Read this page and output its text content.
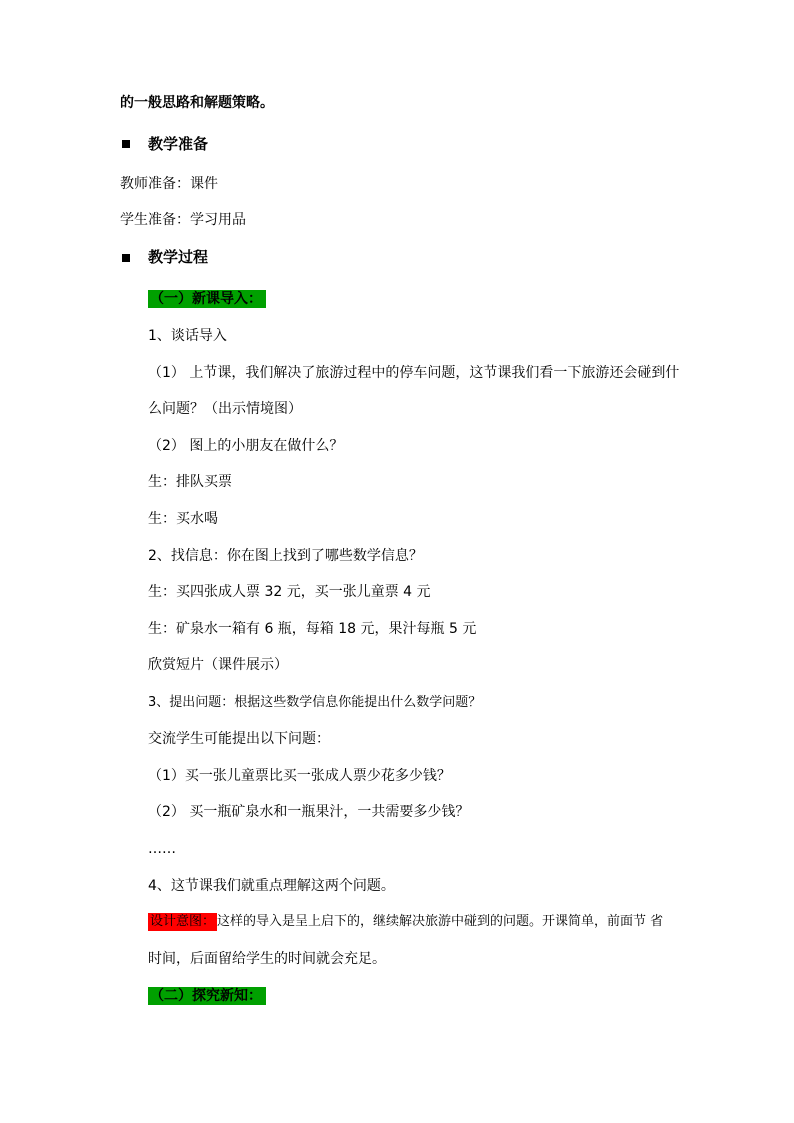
的一般思路和解题策略。
教学准备
教师准备：课件
学生准备：学习用品
教学过程
（一）新课导入：
1、谈话导入
（1） 上节课，我们解决了旅游过程中的停车问题，这节课我们看一下旅游还会碰到什
么问题？（出示情境图）
（2） 图上的小朋友在做什么？
生：排队买票
生：买水喝
2、找信息：你在图上找到了哪些数学信息？
生：买四张成人票 32 元，买一张儿童票 4 元
生：矿泉水一箱有 6 瓶，每箱 18 元，果汁每瓶 5 元
欣赏短片（课件展示）
3、提出问题：根据这些数学信息你能提出什么数学问题？
交流学生可能提出以下问题：
（1）买一张儿童票比买一张成人票少花多少钱？
（2） 买一瓶矿泉水和一瓶果汁，一共需要多少钱？
……
4、这节课我们就重点理解这两个问题。
设计意图： 这样的导入是呈上启下的，继续解决旅游中碰到的问题。开课简单，前面节 省
时间，后面留给学生的时间就会充足。
（二）探究新知：
